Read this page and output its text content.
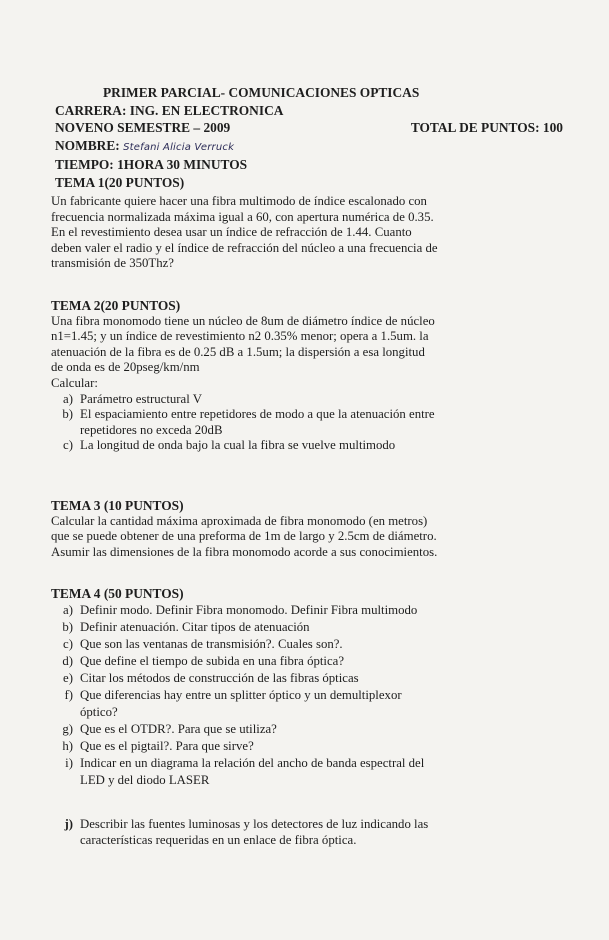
PRIMER PARCIAL- COMUNICACIONES OPTICAS
CARRERA: ING. EN ELECTRONICA
NOVENO SEMESTRE – 2009	TOTAL DE PUNTOS: 100
NOMBRE: Stefani Alicia Verruck
TIEMPO: 1HORA 30 MINUTOS
TEMA 1(20 PUNTOS)

Un fabricante quiere hacer una fibra multimodo de índice escalonado con

frecuencia normalizada máxima igual a 60, con apertura numérica de 0.35.

En el revestimiento desea usar un índice de refracción de 1.44. Cuanto

deben valer el radio y el índice de refracción del núcleo a una frecuencia de

transmisión de 350Thz?

TEMA 2(20 PUNTOS)

Una fibra monomodo tiene un núcleo de 8um de diámetro índice de núcleo

n1=1.45; y un índice de revestimiento n2 0.35% menor; opera a 1.5um. la

atenuación de la fibra es de 0.25 dB a 1.5um; la dispersión a esa longitud

de onda es de 20pseg/km/nm

Calcular:

a) Parámetro estructural V
b) El espaciamiento entre repetidores de modo a que la atenuación entre
repetidores no exceda 20dB
c) La longitud de onda bajo la cual la fibra se vuelve multimodo
TEMA 3 (10 PUNTOS)

Calcular la cantidad máxima aproximada de fibra monomodo (en metros)

que se puede obtener de una preforma de 1m de largo y 2.5cm de diámetro.

Asumir las dimensiones de la fibra monomodo acorde a sus conocimientos.

TEMA 4 (50 PUNTOS)
a) Definir modo. Definir Fibra monomodo. Definir Fibra multimodo
b) Definir atenuación. Citar tipos de atenuación
c) Que son las ventanas de transmisión?. Cuales son?.
d) Que define el tiempo de subida en una fibra óptica?
e) Citar los métodos de construcción de las fibras ópticas
f) Que diferencias hay entre un splitter óptico y un demultiplexor
óptico?
g) Que es el OTDR?. Para que se utiliza?
h) Que es el pigtail?. Para que sirve?
i) Indicar en un diagrama la relación del ancho de banda espectral del
LED y del diodo LASER
j) Describir las fuentes luminosas y los detectores de luz indicando las
características requeridas en un enlace de fibra óptica.
